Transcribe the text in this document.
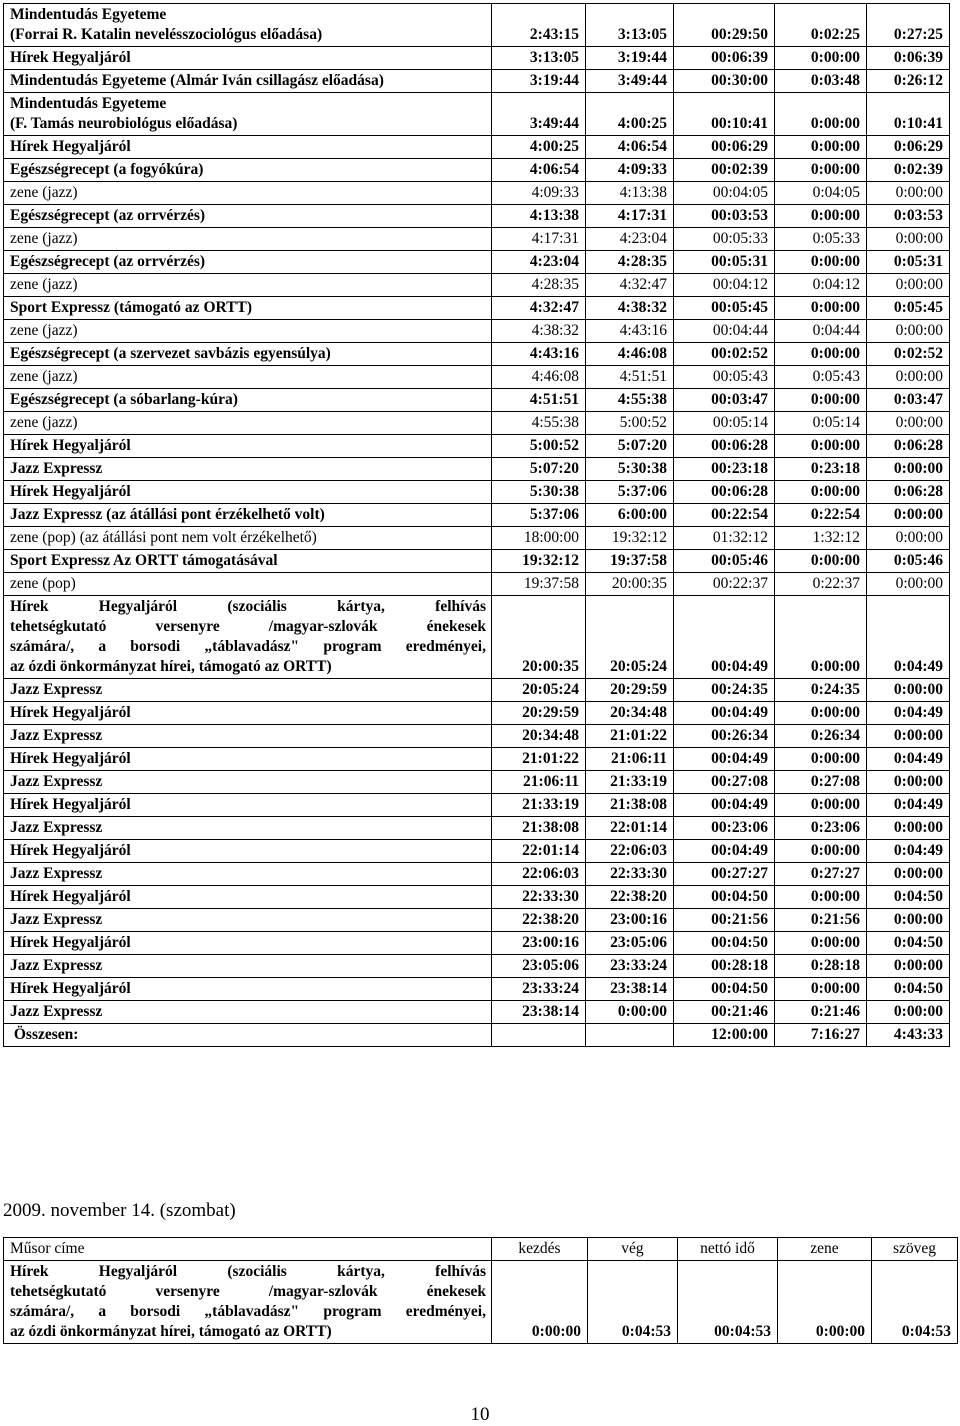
Mindentudás Egyeteme
(Forrai R. Katalin nevelésszociológus előadása)	2:43:15	3:13:05	00:29:50	0:02:25	0:27:25

Hírek Hegyaljáról	3:13:05	3:19:44	00:06:39	0:00:00	0:06:39

Mindentudás Egyeteme (Almár Iván csillagász előadása)	3:19:44	3:49:44	00:30:00	0:03:48	0:26:12

Mindentudás Egyeteme
(F. Tamás neurobiológus előadása)	3:49:44	4:00:25	00:10:41	0:00:00	0:10:41

Hírek Hegyaljáról	4:00:25	4:06:54	00:06:29	0:00:00	0:06:29

Egészségrecept (a fogyókúra)	4:06:54	4:09:33	00:02:39	0:00:00	0:02:39

zene (jazz)	4:09:33	4:13:38	00:04:05	0:04:05	0:00:00

Egészségrecept (az orrvérzés)	4:13:38	4:17:31	00:03:53	0:00:00	0:03:53

zene (jazz)	4:17:31	4:23:04	00:05:33	0:05:33	0:00:00

Egészségrecept (az orrvérzés)	4:23:04	4:28:35	00:05:31	0:00:00	0:05:31

zene (jazz)	4:28:35	4:32:47	00:04:12	0:04:12	0:00:00

Sport Expressz (támogató az ORTT)	4:32:47	4:38:32	00:05:45	0:00:00	0:05:45

zene (jazz)	4:38:32	4:43:16	00:04:44	0:04:44	0:00:00

Egészségrecept (a szervezet savbázis egyensúlya)	4:43:16	4:46:08	00:02:52	0:00:00	0:02:52

zene (jazz)	4:46:08	4:51:51	00:05:43	0:05:43	0:00:00

Egészségrecept (a sóbarlang-kúra)	4:51:51	4:55:38	00:03:47	0:00:00	0:03:47

zene (jazz)	4:55:38	5:00:52	00:05:14	0:05:14	0:00:00

Hírek Hegyaljáról	5:00:52	5:07:20	00:06:28	0:00:00	0:06:28

Jazz Expressz	5:07:20	5:30:38	00:23:18	0:23:18	0:00:00

Hírek Hegyaljáról	5:30:38	5:37:06	00:06:28	0:00:00	0:06:28

Jazz Expressz (az átállási pont érzékelhető volt)	5:37:06	6:00:00	00:22:54	0:22:54	0:00:00

zene (pop) (az átállási pont nem volt érzékelhető)	18:00:00	19:32:12	01:32:12	1:32:12	0:00:00

Sport Expressz Az ORTT támogatásával	19:32:12	19:37:58	00:05:46	0:00:00	0:05:46

zene (pop)	19:37:58	20:00:35	00:22:37	0:22:37	0:00:00

Hírek Hegyaljáról (szociális kártya, felhívás
tehetségkutató versenyre /magyar-szlovák énekesek
számára/, a borsodi „táblavadász" program eredményei,
az ózdi önkormányzat hírei, támogató az ORTT)	20:00:35	20:05:24	00:04:49	0:00:00	0:04:49

Jazz Expressz	20:05:24	20:29:59	00:24:35	0:24:35	0:00:00

Hírek Hegyaljáról	20:29:59	20:34:48	00:04:49	0:00:00	0:04:49

Jazz Expressz	20:34:48	21:01:22	00:26:34	0:26:34	0:00:00

Hírek Hegyaljáról	21:01:22	21:06:11	00:04:49	0:00:00	0:04:49

Jazz Expressz	21:06:11	21:33:19	00:27:08	0:27:08	0:00:00

Hírek Hegyaljáról	21:33:19	21:38:08	00:04:49	0:00:00	0:04:49

Jazz Expressz	21:38:08	22:01:14	00:23:06	0:23:06	0:00:00

Hírek Hegyaljáról	22:01:14	22:06:03	00:04:49	0:00:00	0:04:49

Jazz Expressz	22:06:03	22:33:30	00:27:27	0:27:27	0:00:00

Hírek Hegyaljáról	22:33:30	22:38:20	00:04:50	0:00:00	0:04:50

Jazz Expressz	22:38:20	23:00:16	00:21:56	0:21:56	0:00:00

Hírek Hegyaljáról	23:00:16	23:05:06	00:04:50	0:00:00	0:04:50

Jazz Expressz	23:05:06	23:33:24	00:28:18	0:28:18	0:00:00

Hírek Hegyaljáról	23:33:24	23:38:14	00:04:50	0:00:00	0:04:50

Jazz Expressz	23:38:14	0:00:00	00:21:46	0:21:46	0:00:00

Összesen:			12:00:00	7:16:27	4:43:33
2009. november 14. (szombat)
Műsor címe	kezdés	vég	nettó idő	zene	szöveg

Hírek Hegyaljáról (szociális kártya, felhívás
tehetségkutató versenyre /magyar-szlovák énekesek
számára/, a borsodi „táblavadász" program eredményei,
az ózdi önkormányzat hírei, támogató az ORTT)	0:00:00	0:04:53	00:04:53	0:00:00	0:04:53
10
